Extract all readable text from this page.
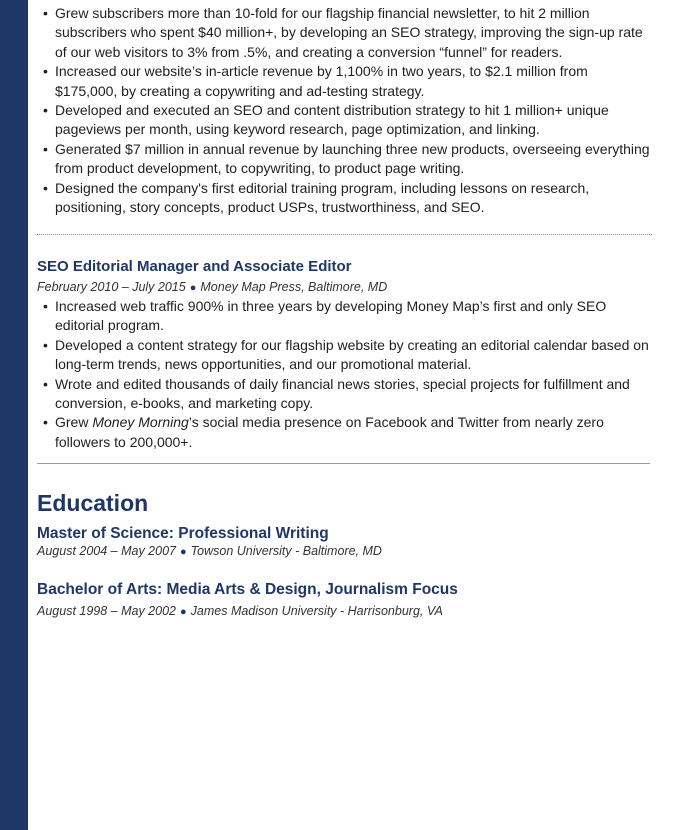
• Grew subscribers more than 10-fold for our flagship financial newsletter, to hit 2 million subscribers who spent $40 million+, by developing an SEO strategy, improving the sign-up rate of our web visitors to 3% from .5%, and creating a conversion “funnel” for readers.
• Increased our website’s in-article revenue by 1,100% in two years, to $2.1 million from $175,000, by creating a copywriting and ad-testing strategy.
• Developed and executed an SEO and content distribution strategy to hit 1 million+ unique pageviews per month, using keyword research, page optimization, and linking.
• Generated $7 million in annual revenue by launching three new products, overseeing everything from product development, to copywriting, to product page writing.
• Designed the company's first editorial training program, including lessons on research, positioning, story concepts, product USPs, trustworthiness, and SEO.
SEO Editorial Manager and Associate Editor
February 2010 – July 2015 ● Money Map Press, Baltimore, MD
• Increased web traffic 900% in three years by developing Money Map’s first and only SEO editorial program.
• Developed a content strategy for our flagship website by creating an editorial calendar based on long-term trends, news opportunities, and our promotional material.
• Wrote and edited thousands of daily financial news stories, special projects for fulfillment and conversion, e-books, and marketing copy.
• Grew Money Morning’s social media presence on Facebook and Twitter from nearly zero followers to 200,000+.
Education
Master of Science: Professional Writing
August 2004 – May 2007 ● Towson University - Baltimore, MD
Bachelor of Arts: Media Arts & Design, Journalism Focus
August 1998 – May 2002 ● James Madison University - Harrisonburg, VA
